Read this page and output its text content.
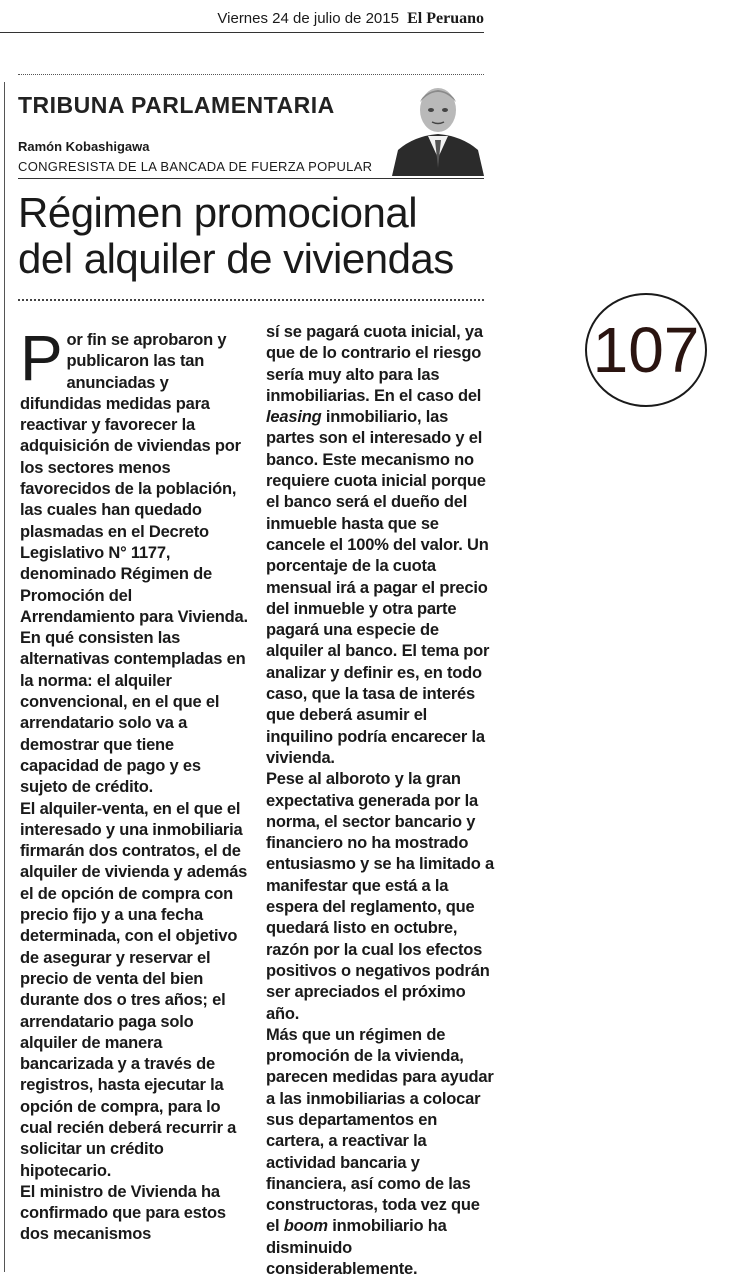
Viernes 24 de julio de 2015 El Peruano
TRIBUNA PARLAMENTARIA
Ramón Kobashigawa
CONGRESISTA DE LA BANCADA DE FUERZA POPULAR
Régimen promocional
del alquiler de viviendas
P or fin se aprobaron y publicaron las tan anunciadas y difundidas medidas para reactivar y favorecer la adquisición de viviendas por los sectores menos favorecidos de la población, las cuales han quedado plasmadas en el Decreto Legislativo N° 1177, denominado Régimen de Promoción del Arrendamiento para Vivienda.

En qué consisten las alternativas contempladas en la norma: el alquiler convencional, en el que el arrendatario solo va a demostrar que tiene capacidad de pago y es sujeto de crédito.

El alquiler-venta, en el que el interesado y una inmobiliaria firmarán dos contratos, el de alquiler de vivienda y además el de opción de compra con precio fijo y a una fecha determinada, con el objetivo de asegurar y reservar el precio de venta del bien durante dos o tres años; el arrendatario paga solo alquiler de manera bancarizada y a través de registros, hasta ejecutar la opción de compra, para lo cual recién deberá recurrir a solicitar un crédito hipotecario.

El ministro de Vivienda ha confirmado que para estos dos mecanismos

sí se pagará cuota inicial, ya que de lo contrario el riesgo sería muy alto para las inmobiliarias. En el caso del leasing inmobiliario, las partes son el interesado y el banco. Este mecanismo no requiere cuota inicial porque el banco será el dueño del inmueble hasta que se cancele el 100% del valor. Un porcentaje de la cuota mensual irá a pagar el precio del inmueble y otra parte pagará una especie de alquiler al banco. El tema por analizar y definir es, en todo caso, que la tasa de interés que deberá asumir el inquilino podría encarecer la vivienda.

Pese al alboroto y la gran expectativa generada por la norma, el sector bancario y financiero no ha mostrado entusiasmo y se ha limitado a manifestar que está a la espera del reglamento, que quedará listo en octubre, razón por la cual los efectos positivos o negativos podrán ser apreciados el próximo año.

Más que un régimen de promoción de la vivienda, parecen medidas para ayudar a las inmobiliarias a colocar sus departamentos en cartera, a reactivar la actividad bancaria y financiera, así como de las constructoras, toda vez que el boom inmobiliario ha disminuido considerablemente.

107
